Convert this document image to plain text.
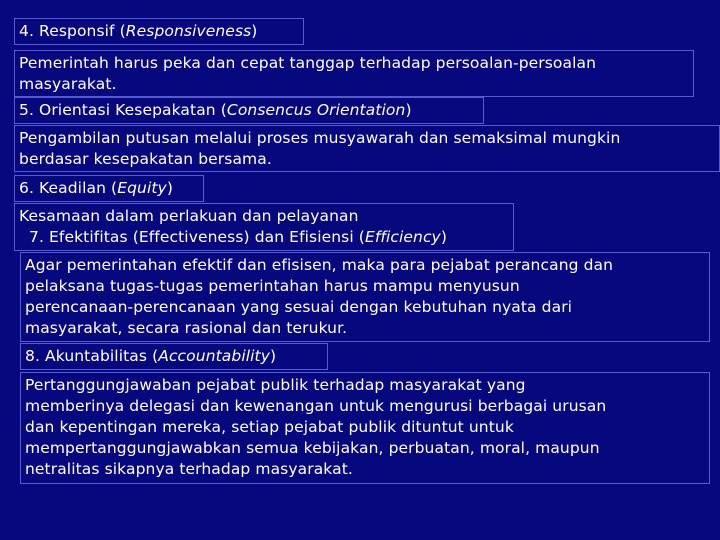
4. Responsif (Responsiveness)
Pemerintah harus peka dan cepat tanggap terhadap persoalan-persoalan
masyarakat.
5. Orientasi Kesepakatan (Consencus Orientation)
Pengambilan putusan melalui proses musyawarah dan semaksimal mungkin
berdasar kesepakatan bersama.
6. Keadilan (Equity)
Kesamaan dalam perlakuan dan pelayanan
7. Efektifitas (Effectiveness) dan Efisiensi (Efficiency)
Agar pemerintahan efektif dan efisisen, maka para pejabat perancang dan
pelaksana tugas-tugas pemerintahan harus mampu menyusun
perencanaan-perencanaan yang sesuai dengan kebutuhan nyata dari
masyarakat, secara rasional dan terukur.
8. Akuntabilitas (Accountability)
Pertanggungjawaban pejabat publik terhadap masyarakat yang
memberinya delegasi dan kewenangan untuk mengurusi berbagai urusan
dan kepentingan mereka, setiap pejabat publik dituntut untuk
mempertanggungjawabkan semua kebijakan, perbuatan, moral, maupun
netralitas sikapnya terhadap masyarakat.
